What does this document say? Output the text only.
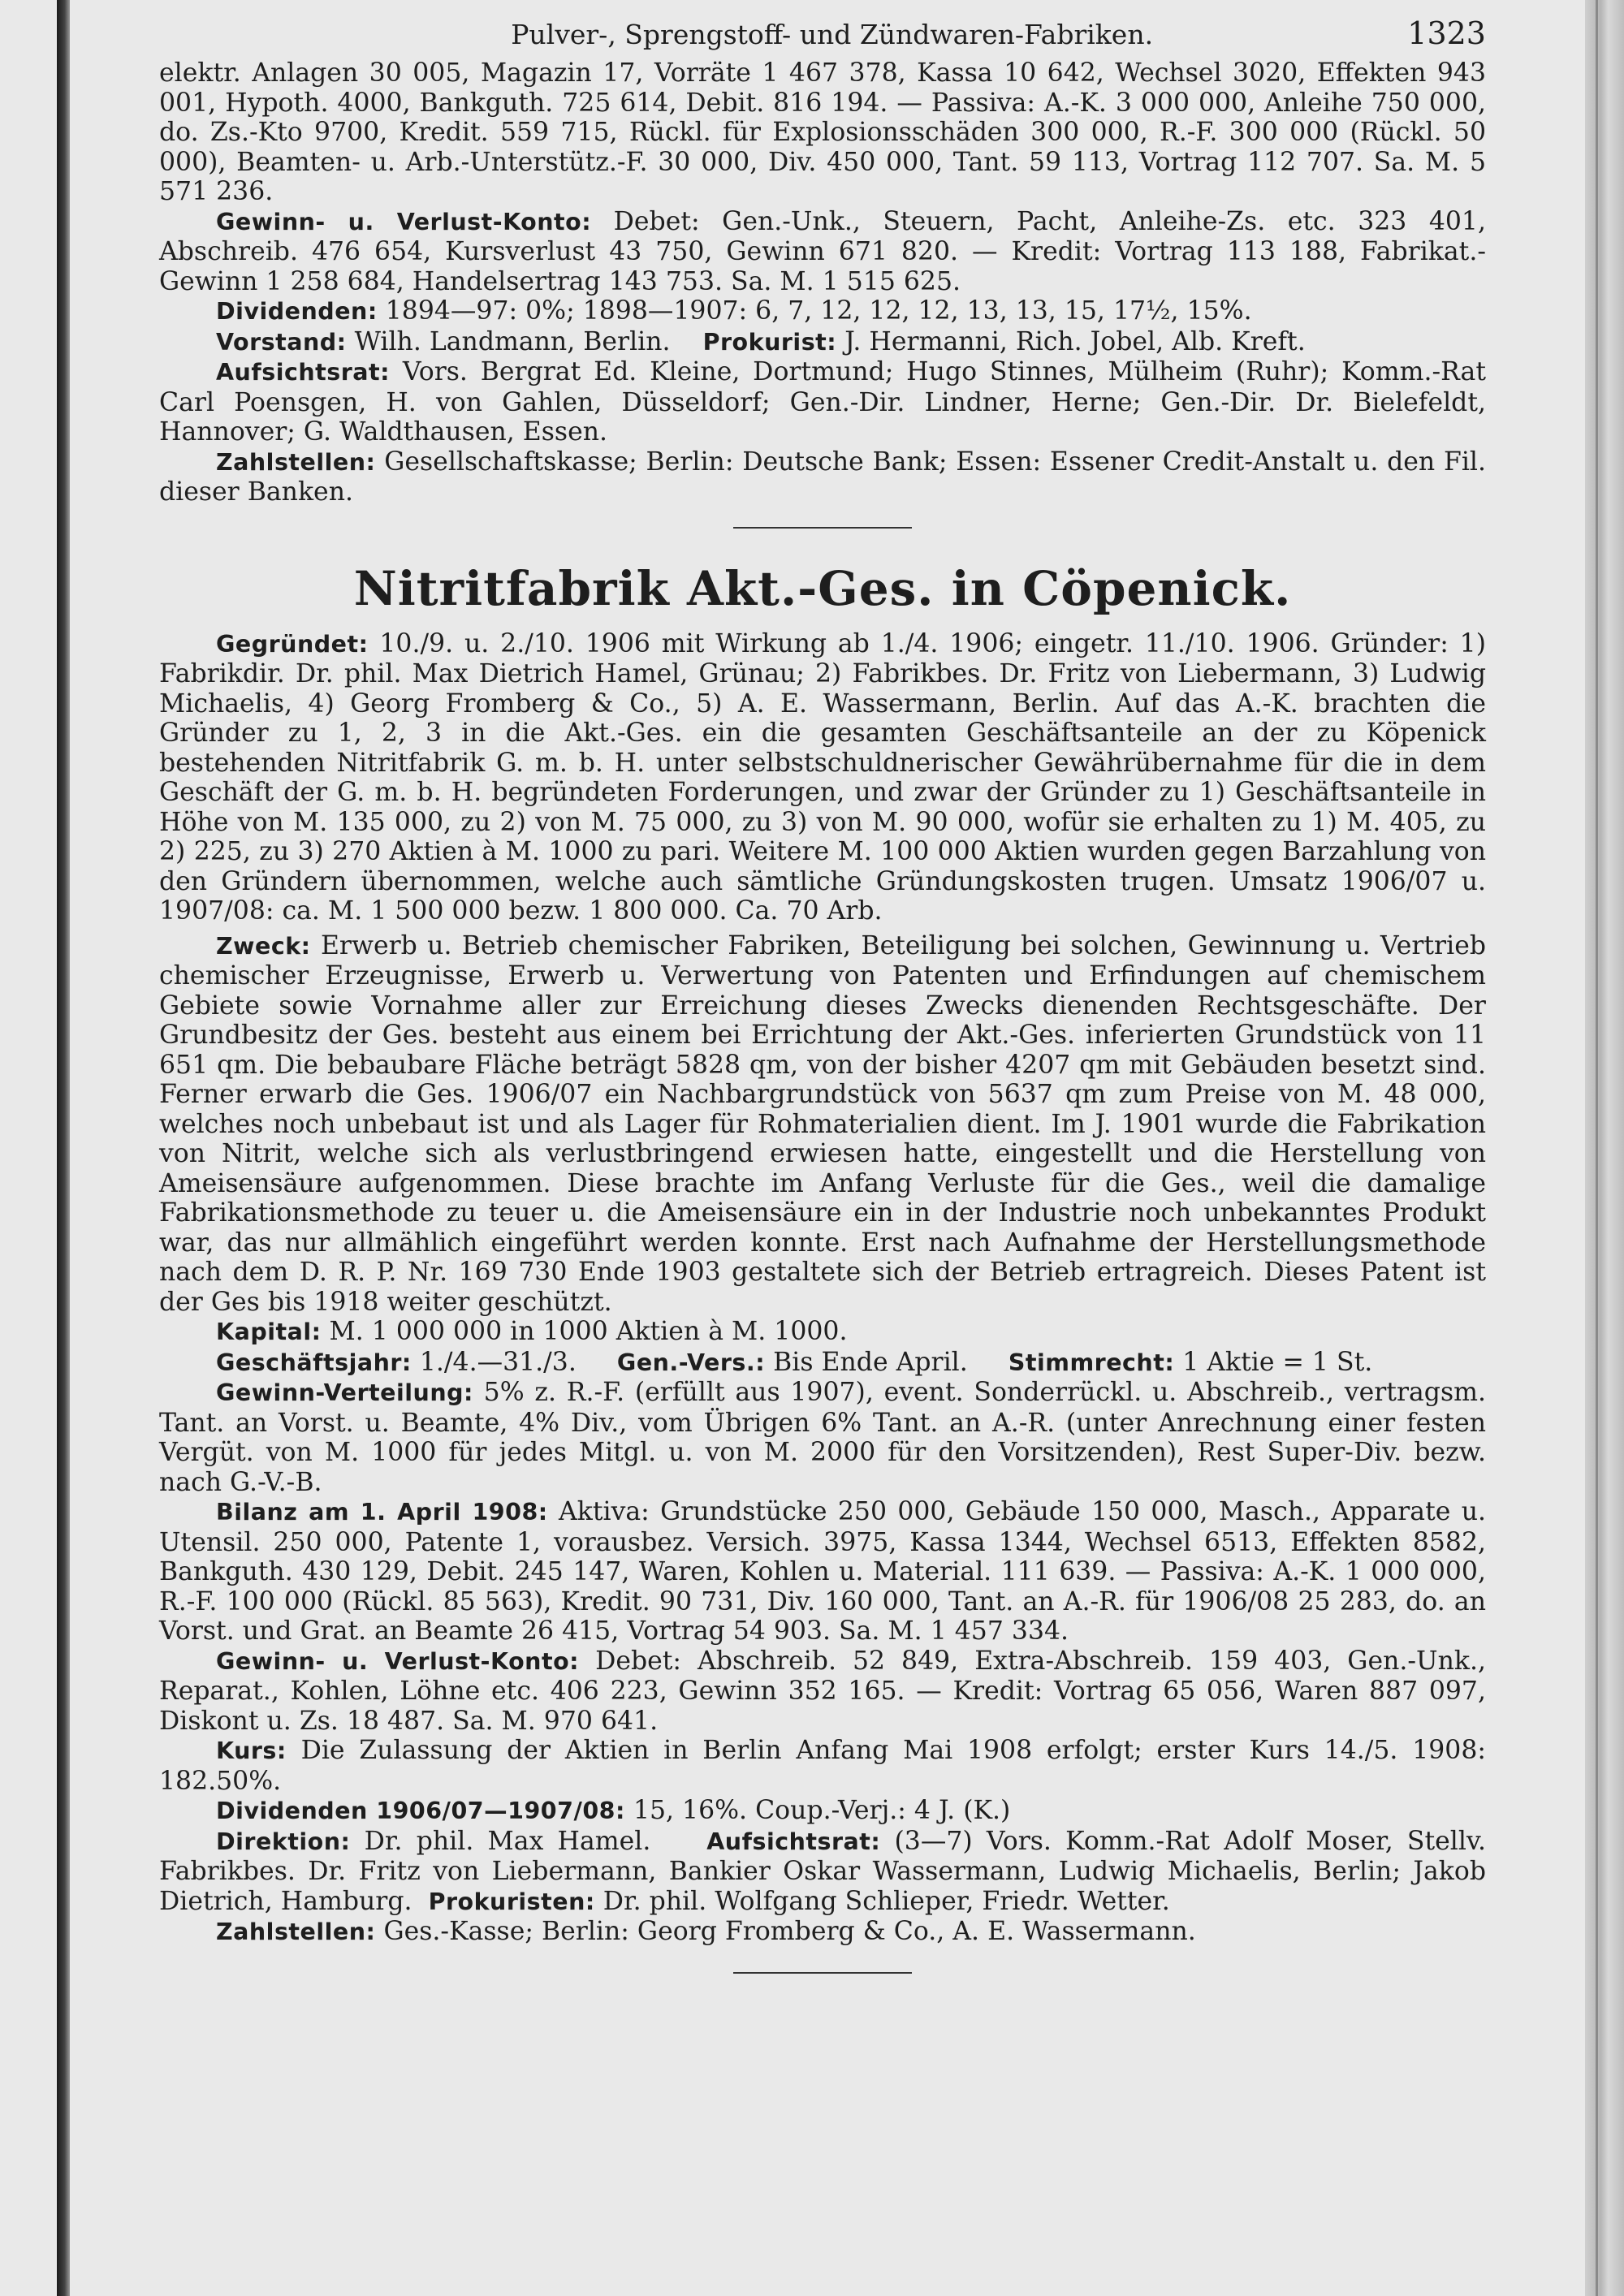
Pulver-, Sprengstoff- und Zündwaren-Fabriken.	1323

elektr. Anlagen 30 005, Magazin 17, Vorräte 1 467 378, Kassa 10 642, Wechsel 3020, Effekten 943 001, Hypoth. 4000, Bankguth. 725 614, Debit. 816 194. — Passiva: A.-K. 3 000 000, Anleihe 750 000, do. Zs.-Kto 9700, Kredit. 559 715, Rückl. für Explosionsschäden 300 000, R.-F. 300 000 (Rückl. 50 000), Beamten- u. Arb.-Unterstütz.-F. 30 000, Div. 450 000, Tant. 59 113, Vortrag 112 707. Sa. M. 5 571 236.

Gewinn- u. Verlust-Konto: Debet: Gen.-Unk., Steuern, Pacht, Anleihe-Zs. etc. 323 401, Abschreib. 476 654, Kursverlust 43 750, Gewinn 671 820. — Kredit: Vortrag 113 188, Fabrikat.-Gewinn 1 258 684, Handelsertrag 143 753. Sa. M. 1 515 625.

Dividenden: 1894—97: 0%; 1898—1907: 6, 7, 12, 12, 12, 13, 13, 15, 17½, 15%.

Vorstand: Wilh. Landmann, Berlin. Prokurist: J. Hermanni, Rich. Jobel, Alb. Kreft.

Aufsichtsrat: Vors. Bergrat Ed. Kleine, Dortmund; Hugo Stinnes, Mülheim (Ruhr); Komm.-Rat Carl Poensgen, H. von Gahlen, Düsseldorf; Gen.-Dir. Lindner, Herne; Gen.-Dir. Dr. Bielefeldt, Hannover; G. Waldthausen, Essen.

Zahlstellen: Gesellschaftskasse; Berlin: Deutsche Bank; Essen: Essener Credit-Anstalt u. den Fil. dieser Banken.

Nitritfabrik Akt.-Ges. in Cöpenick.

Gegründet: 10./9. u. 2./10. 1906 mit Wirkung ab 1./4. 1906; eingetr. 11./10. 1906. Gründer: 1) Fabrikdir. Dr. phil. Max Dietrich Hamel, Grünau; 2) Fabrikbes. Dr. Fritz von Liebermann, 3) Ludwig Michaelis, 4) Georg Fromberg & Co., 5) A. E. Wassermann, Berlin. Auf das A.-K. brachten die Gründer zu 1, 2, 3 in die Akt.-Ges. ein die gesamten Geschäftsanteile an der zu Köpenick bestehenden Nitritfabrik G. m. b. H. unter selbstschuldnerischer Gewährübernahme für die in dem Geschäft der G. m. b. H. begründeten Forderungen, und zwar der Gründer zu 1) Geschäftsanteile in Höhe von M. 135 000, zu 2) von M. 75 000, zu 3) von M. 90 000, wofür sie erhalten zu 1) M. 405, zu 2) 225, zu 3) 270 Aktien à M. 1000 zu pari. Weitere M. 100 000 Aktien wurden gegen Barzahlung von den Gründern übernommen, welche auch sämtliche Gründungskosten trugen. Umsatz 1906/07 u. 1907/08: ca. M. 1 500 000 bezw. 1 800 000. Ca. 70 Arb.

Zweck: Erwerb u. Betrieb chemischer Fabriken, Beteiligung bei solchen, Gewinnung u. Vertrieb chemischer Erzeugnisse, Erwerb u. Verwertung von Patenten und Erfindungen auf chemischem Gebiete sowie Vornahme aller zur Erreichung dieses Zwecks dienenden Rechtsgeschäfte. Der Grundbesitz der Ges. besteht aus einem bei Errichtung der Akt.-Ges. inferierten Grundstück von 11 651 qm. Die bebaubare Fläche beträgt 5828 qm, von der bisher 4207 qm mit Gebäuden besetzt sind. Ferner erwarb die Ges. 1906/07 ein Nachbargrundstück von 5637 qm zum Preise von M. 48 000, welches noch unbebaut ist und als Lager für Rohmaterialien dient. Im J. 1901 wurde die Fabrikation von Nitrit, welche sich als verlustbringend erwiesen hatte, eingestellt und die Herstellung von Ameisensäure aufgenommen. Diese brachte im Anfang Verluste für die Ges., weil die damalige Fabrikationsmethode zu teuer u. die Ameisensäure ein in der Industrie noch unbekanntes Produkt war, das nur allmählich eingeführt werden konnte. Erst nach Aufnahme der Herstellungsmethode nach dem D. R. P. Nr. 169 730 Ende 1903 gestaltete sich der Betrieb ertragreich. Dieses Patent ist der Ges bis 1918 weiter geschützt.

Kapital: M. 1 000 000 in 1000 Aktien à M. 1000.

Geschäftsjahr: 1./4.—31./3. Gen.-Vers.: Bis Ende April. Stimmrecht: 1 Aktie = 1 St.

Gewinn-Verteilung: 5% z. R.-F. (erfüllt aus 1907), event. Sonderrückl. u. Abschreib., vertragsm. Tant. an Vorst. u. Beamte, 4% Div., vom Übrigen 6% Tant. an A.-R. (unter Anrechnung einer festen Vergüt. von M. 1000 für jedes Mitgl. u. von M. 2000 für den Vorsitzenden), Rest Super-Div. bezw. nach G.-V.-B.

Bilanz am 1. April 1908: Aktiva: Grundstücke 250 000, Gebäude 150 000, Masch., Apparate u. Utensil. 250 000, Patente 1, vorausbez. Versich. 3975, Kassa 1344, Wechsel 6513, Effekten 8582, Bankguth. 430 129, Debit. 245 147, Waren, Kohlen u. Material. 111 639. — Passiva: A.-K. 1 000 000, R.-F. 100 000 (Rückl. 85 563), Kredit. 90 731, Div. 160 000, Tant. an A.-R. für 1906/08 25 283, do. an Vorst. und Grat. an Beamte 26 415, Vortrag 54 903. Sa. M. 1 457 334.

Gewinn- u. Verlust-Konto: Debet: Abschreib. 52 849, Extra-Abschreib. 159 403, Gen.-Unk., Reparat., Kohlen, Löhne etc. 406 223, Gewinn 352 165. — Kredit: Vortrag 65 056, Waren 887 097, Diskont u. Zs. 18 487. Sa. M. 970 641.

Kurs: Die Zulassung der Aktien in Berlin Anfang Mai 1908 erfolgt; erster Kurs 14./5. 1908: 182.50%.

Dividenden 1906/07—1907/08: 15, 16%. Coup.-Verj.: 4 J. (K.)

Direktion: Dr. phil. Max Hamel. Aufsichtsrat: (3—7) Vors. Komm.-Rat Adolf Moser, Stellv. Fabrikbes. Dr. Fritz von Liebermann, Bankier Oskar Wassermann, Ludwig Michaelis, Berlin; Jakob Dietrich, Hamburg. Prokuristen: Dr. phil. Wolfgang Schlieper, Friedr. Wetter.

Zahlstellen: Ges.-Kasse; Berlin: Georg Fromberg & Co., A. E. Wassermann.
